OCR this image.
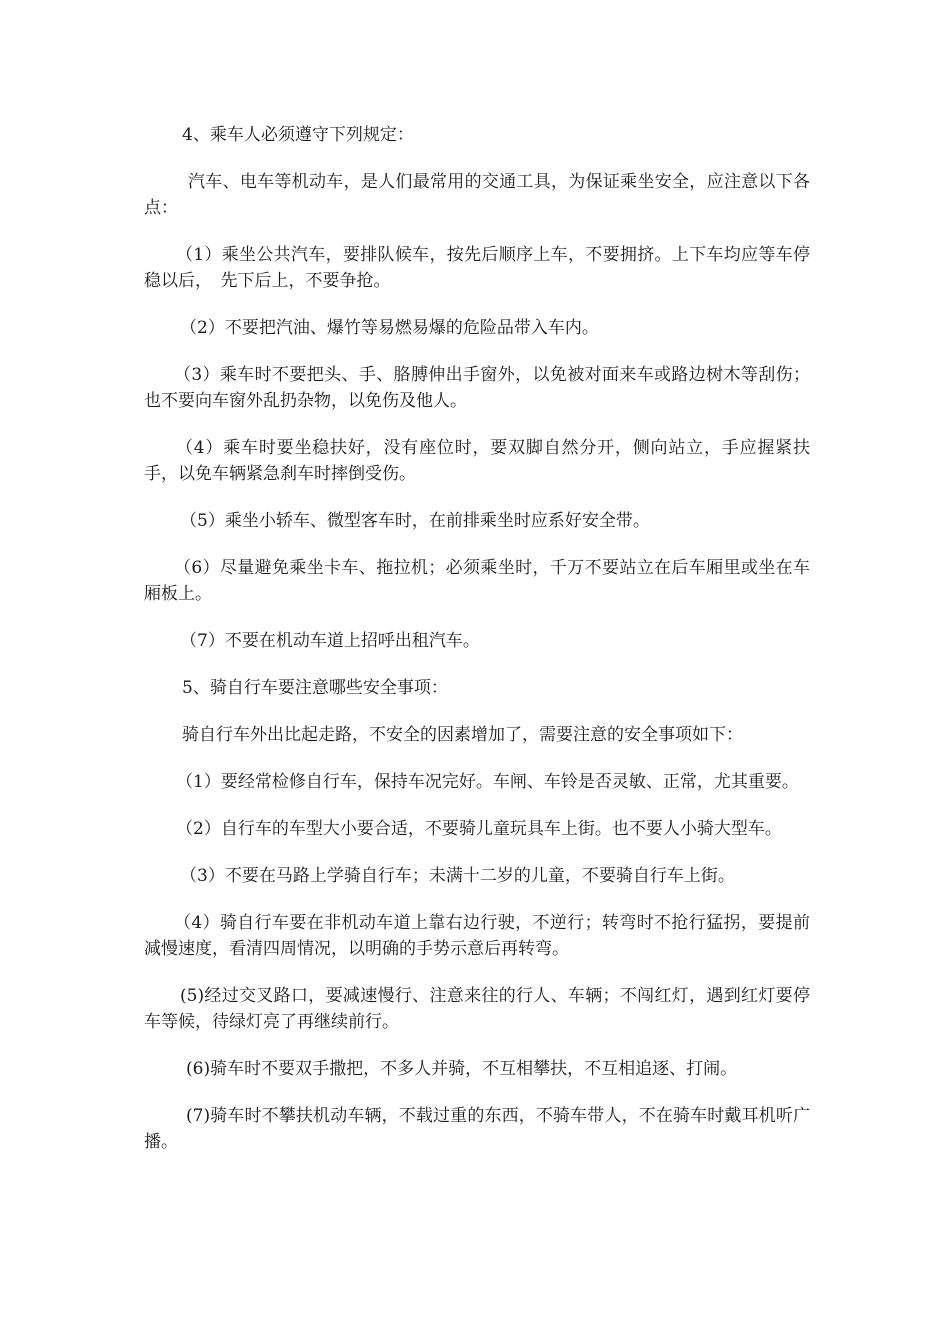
4、乘车人必须遵守下列规定：

汽车、电车等机动车，是人们最常用的交通工具，为保证乘坐安全，应注意以下各点：

（1）乘坐公共汽车，要排队候车，按先后顺序上车，不要拥挤。上下车均应等车停稳以后，　先下后上，不要争抢。

（2）不要把汽油、爆竹等易燃易爆的危险品带入车内。

（3）乘车时不要把头、手、胳膊伸出手窗外，以免被对面来车或路边树木等刮伤；也不要向车窗外乱扔杂物，以免伤及他人。

（4）乘车时要坐稳扶好，没有座位时，要双脚自然分开，侧向站立，手应握紧扶手，以免车辆紧急刹车时摔倒受伤。

（5）乘坐小轿车、微型客车时，在前排乘坐时应系好安全带。

（6）尽量避免乘坐卡车、拖拉机；必须乘坐时，千万不要站立在后车厢里或坐在车厢板上。

（7）不要在机动车道上招呼出租汽车。

5、骑自行车要注意哪些安全事项：

骑自行车外出比起走路，不安全的因素增加了，需要注意的安全事项如下：

（1）要经常检修自行车，保持车况完好。车闸、车铃是否灵敏、正常，尤其重要。

（2）自行车的车型大小要合适，不要骑儿童玩具车上街。也不要人小骑大型车。

（3）不要在马路上学骑自行车；未满十二岁的儿童，不要骑自行车上街。

（4）骑自行车要在非机动车道上靠右边行驶，不逆行；转弯时不抢行猛拐，要提前减慢速度，看清四周情况，以明确的手势示意后再转弯。

(5)经过交叉路口，要减速慢行、注意来往的行人、车辆；不闯红灯，遇到红灯要停车等候，待绿灯亮了再继续前行。

(6)骑车时不要双手撒把，不多人并骑，不互相攀扶，不互相追逐、打闹。

(7)骑车时不攀扶机动车辆，不载过重的东西，不骑车带人，不在骑车时戴耳机听广播。
